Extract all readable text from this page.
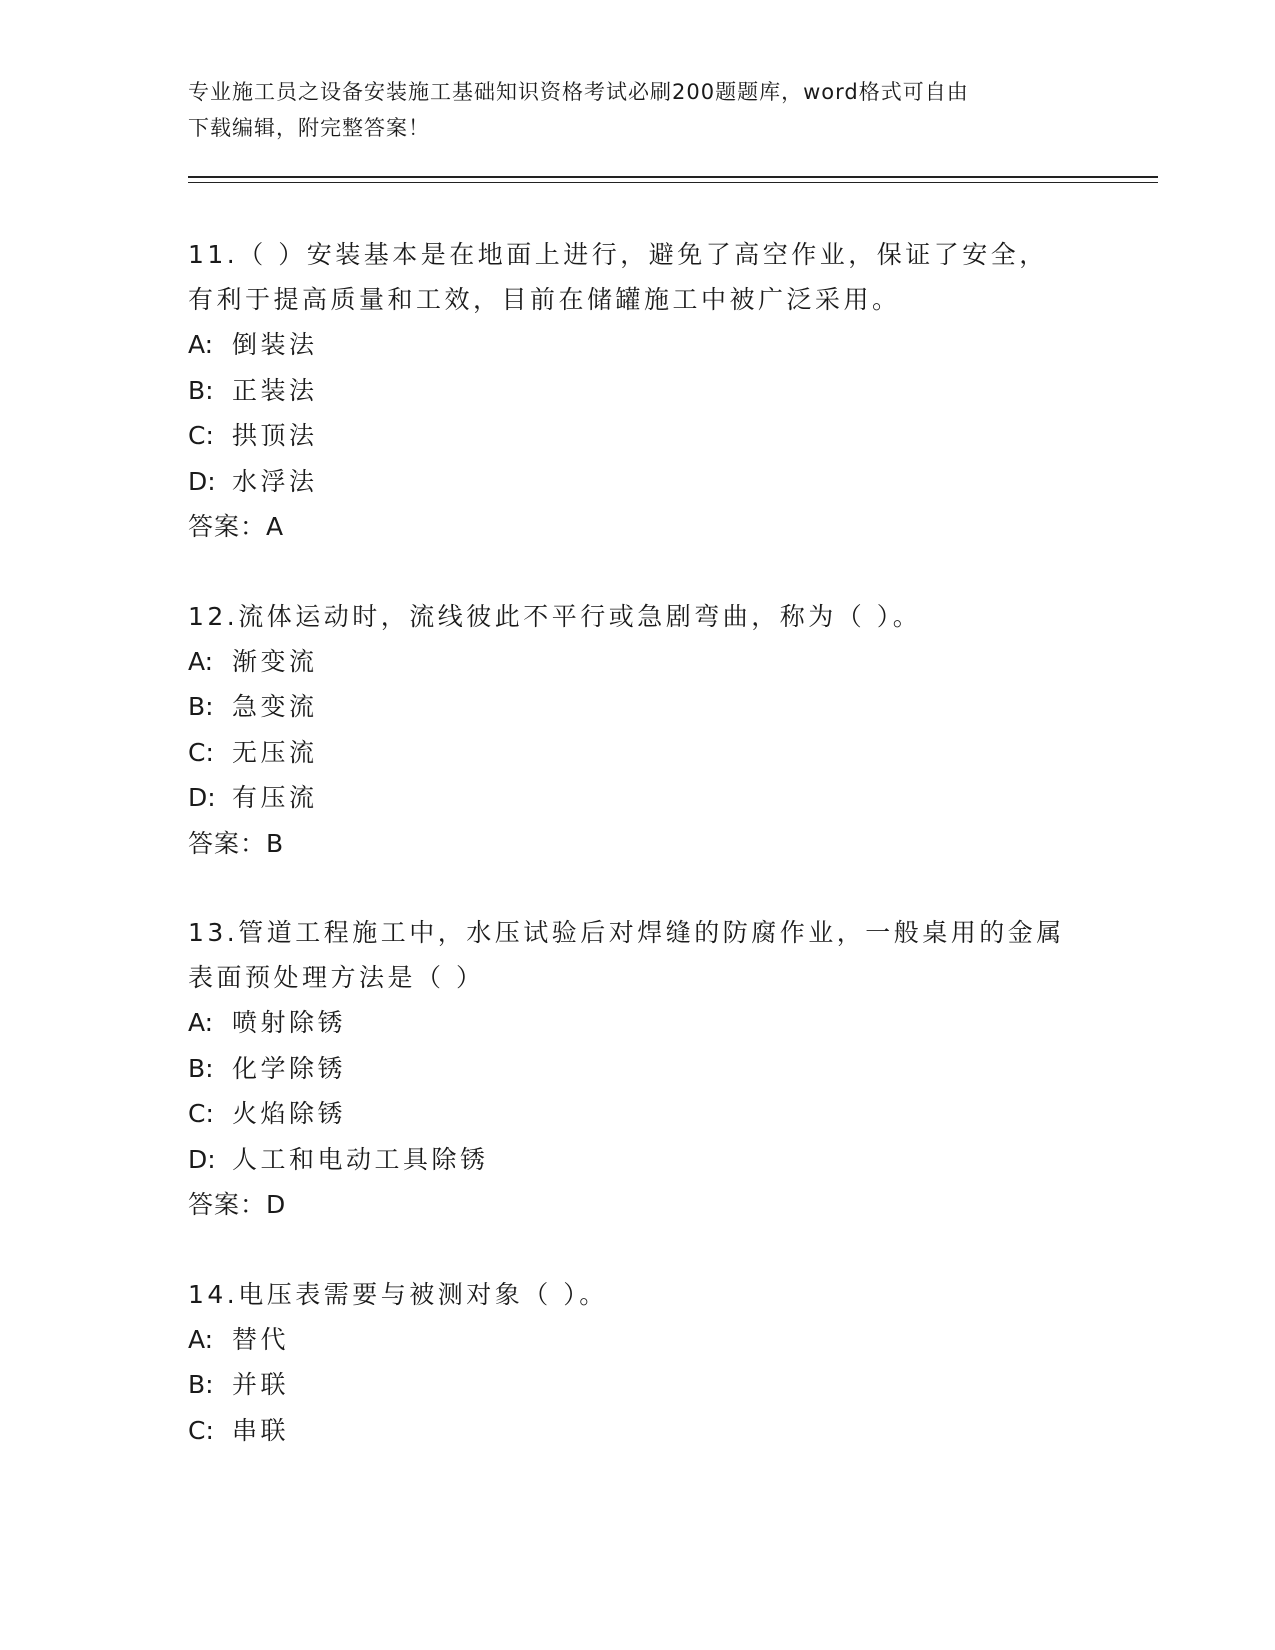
专业施工员之设备安装施工基础知识资格考试必刷200题题库，word格式可自由
下载编辑，附完整答案！
11.（ ）安装基本是在地面上进行，避免了高空作业，保证了安全，
有利于提高质量和工效，目前在储罐施工中被广泛采用。
A: 倒装法
B: 正装法
C: 拱顶法
D: 水浮法
答案：A
12.流体运动时，流线彼此不平行或急剧弯曲，称为（ ）。
A: 渐变流
B: 急变流
C: 无压流
D: 有压流
答案：B
13.管道工程施工中，水压试验后对焊缝的防腐作业，一般桌用的金属
表面预处理方法是（ ）
A: 喷射除锈
B: 化学除锈
C: 火焰除锈
D: 人工和电动工具除锈
答案：D
14.电压表需要与被测对象（ ）。
A: 替代
B: 并联
C: 串联
